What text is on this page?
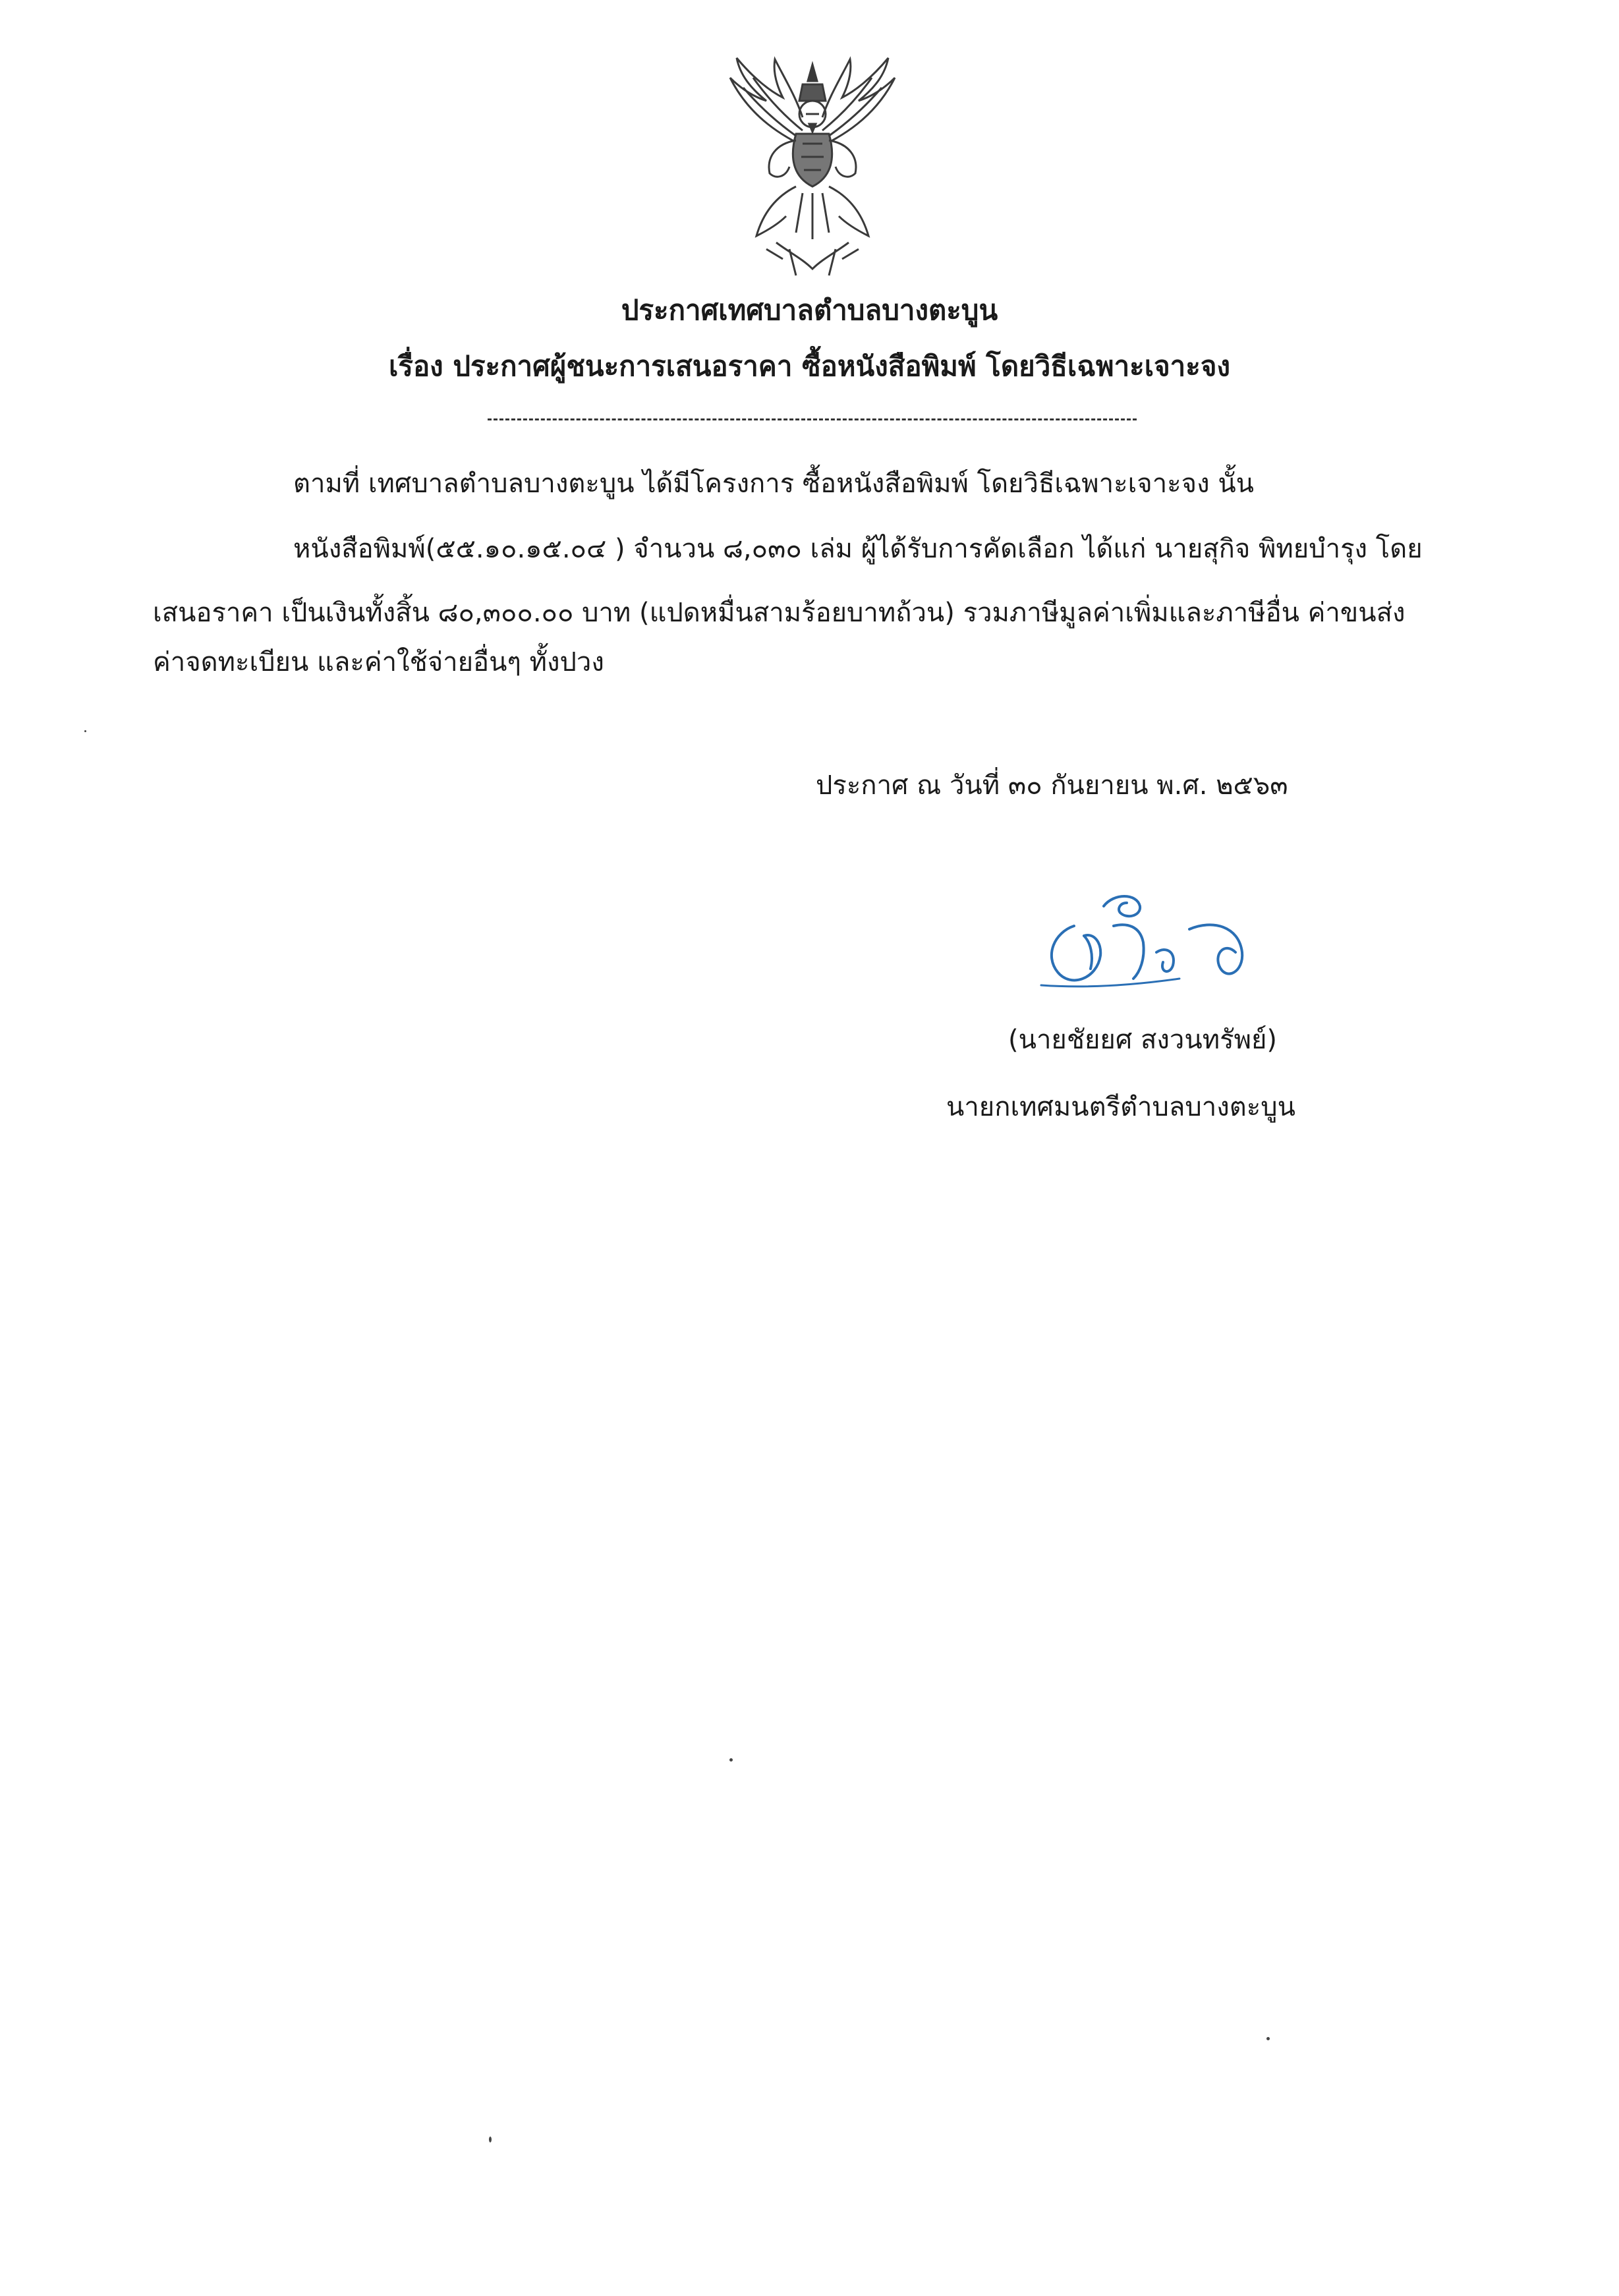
ประกาศเทศบาลตำบลบางตะบูน
เรื่อง ประกาศผู้ชนะการเสนอราคา ซื้อหนังสือพิมพ์ โดยวิธีเฉพาะเจาะจง
ตามที่ เทศบาลตำบลบางตะบูน ได้มีโครงการ ซื้อหนังสือพิมพ์ โดยวิธีเฉพาะเจาะจง นั้น
หนังสือพิมพ์(๕๕.๑๐.๑๕.๐๔ ) จำนวน ๘,๐๓๐ เล่ม ผู้ได้รับการคัดเลือก ได้แก่ นายสุกิจ พิทยบำรุง โดย
เสนอราคา เป็นเงินทั้งสิ้น ๘๐,๓๐๐.๐๐ บาท (แปดหมื่นสามร้อยบาทถ้วน) รวมภาษีมูลค่าเพิ่มและภาษีอื่น ค่าขนส่ง
ค่าจดทะเบียน และค่าใช้จ่ายอื่นๆ ทั้งปวง
ประกาศ ณ วันที่ ๓๐ กันยายน พ.ศ. ๒๕๖๓
(นายชัยยศ สงวนทรัพย์)
นายกเทศมนตรีตำบลบางตะบูน
